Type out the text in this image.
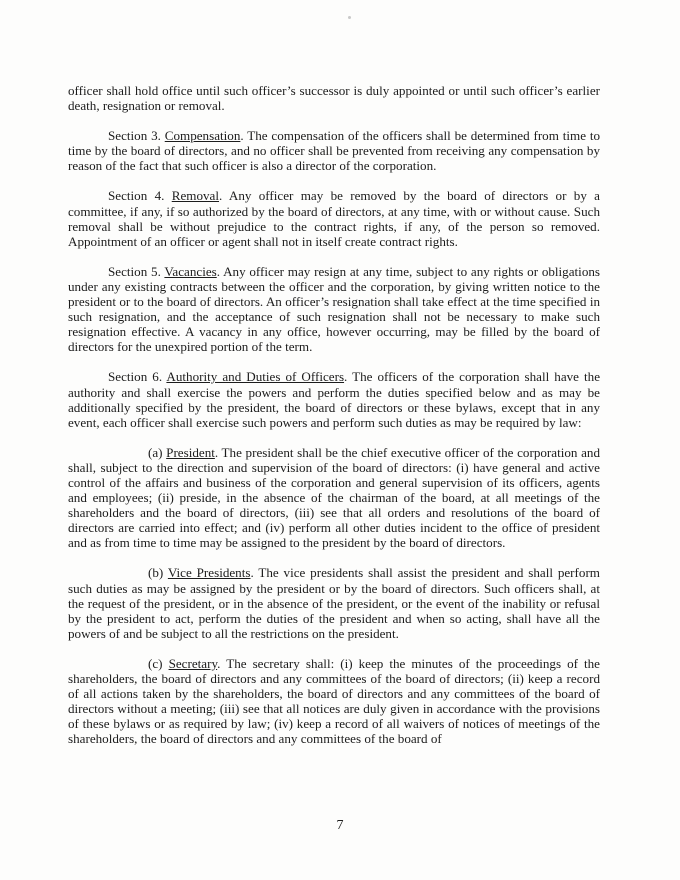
officer shall hold office until such officer’s successor is duly appointed or until such officer’s earlier death, resignation or removal.

Section 3. Compensation. The compensation of the officers shall be determined from time to time by the board of directors, and no officer shall be prevented from receiving any compensation by reason of the fact that such officer is also a director of the corporation.

Section 4. Removal. Any officer may be removed by the board of directors or by a committee, if any, if so authorized by the board of directors, at any time, with or without cause. Such removal shall be without prejudice to the contract rights, if any, of the person so removed. Appointment of an officer or agent shall not in itself create contract rights.

Section 5. Vacancies. Any officer may resign at any time, subject to any rights or obligations under any existing contracts between the officer and the corporation, by giving written notice to the president or to the board of directors. An officer’s resignation shall take effect at the time specified in such resignation, and the acceptance of such resignation shall not be necessary to make such resignation effective. A vacancy in any office, however occurring, may be filled by the board of directors for the unexpired portion of the term.

Section 6. Authority and Duties of Officers. The officers of the corporation shall have the authority and shall exercise the powers and perform the duties specified below and as may be additionally specified by the president, the board of directors or these bylaws, except that in any event, each officer shall exercise such powers and perform such duties as may be required by law:

(a) President. The president shall be the chief executive officer of the corporation and shall, subject to the direction and supervision of the board of directors: (i) have general and active control of the affairs and business of the corporation and general supervision of its officers, agents and employees; (ii) preside, in the absence of the chairman of the board, at all meetings of the shareholders and the board of directors, (iii) see that all orders and resolutions of the board of directors are carried into effect; and (iv) perform all other duties incident to the office of president and as from time to time may be assigned to the president by the board of directors.

(b) Vice Presidents. The vice presidents shall assist the president and shall perform such duties as may be assigned by the president or by the board of directors. Such officers shall, at the request of the president, or in the absence of the president, or the event of the inability or refusal by the president to act, perform the duties of the president and when so acting, shall have all the powers of and be subject to all the restrictions on the president.

(c) Secretary. The secretary shall: (i) keep the minutes of the proceedings of the shareholders, the board of directors and any committees of the board of directors; (ii) keep a record of all actions taken by the shareholders, the board of directors and any committees of the board of directors without a meeting; (iii) see that all notices are duly given in accordance with the provisions of these bylaws or as required by law; (iv) keep a record of all waivers of notices of meetings of the shareholders, the board of directors and any committees of the board of

7
